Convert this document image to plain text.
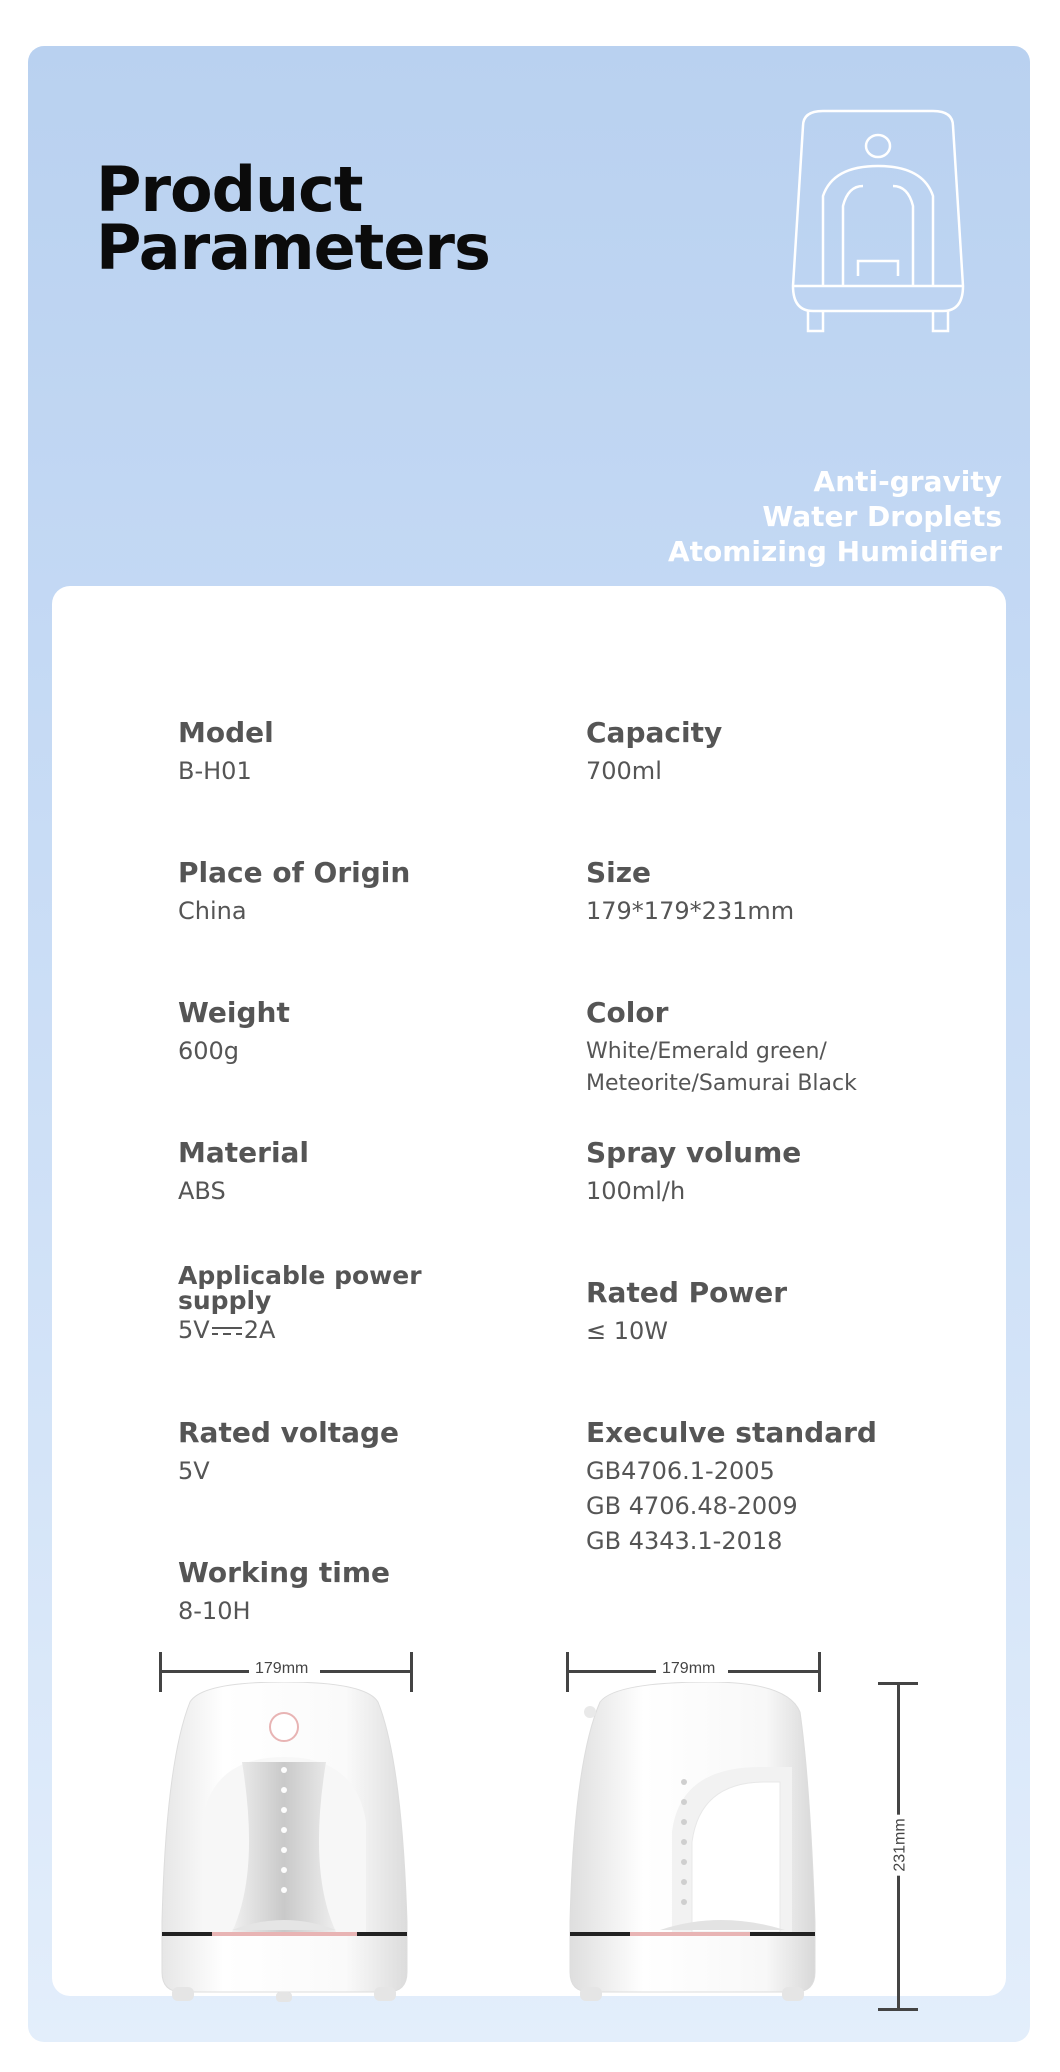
Product
Parameters
Anti-gravity
Water Droplets
Atomizing Humidifier
Model
B-H01
Capacity
700ml
Place of Origin
China
Size
179*179*231mm
Weight
600g
Color
White/Emerald green/
Meteorite/Samurai Black
Material
ABS
Spray volume
100ml/h
Applicable power
supply
5V 2A
Rated Power
≤ 10W
Rated voltage
5V
Execulve standard
GB4706.1-2005
GB 4706.48-2009
GB 4343.1-2018
Working time
8-10H
179mm	179mm
231mm
